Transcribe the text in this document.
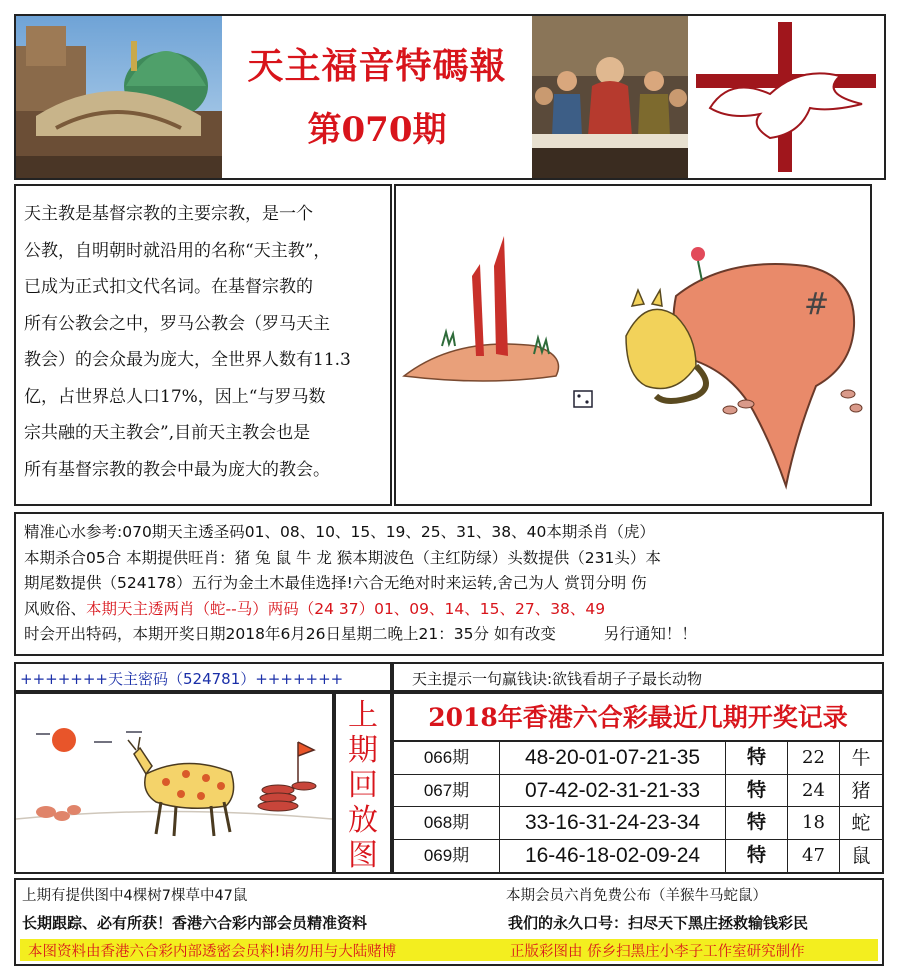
天主福音特碼報
第070期
天主教是基督宗教的主要宗教，是一个
公教，自明朝时就沿用的名称“天主教”，
已成为正式扣文代名词。在基督宗教的
所有公教会之中，罗马公教会（罗马天主
教会）的会众最为庞大，全世界人数有11.3
亿，占世界总人口17%，因上“与罗马数
宗共融的天主教会”,目前天主教会也是
所有基督宗教的教会中最为庞大的教会。
#
精准心水参考:070期天主透圣码01、08、10、15、19、25、31、38、40本期杀肖（虎）
本期杀合05合 本期提供旺肖：猪 兔 鼠 牛 龙 猴本期波色（主红防绿）头数提供（231头）本
期尾数提供（524178）五行为金土木最佳选择!六合无绝对时来运转,舍己为人 赏罚分明 伤
风败俗、本期天主透两肖（蛇--马）两码（24 37）01、09、14、15、27、38、49
时会开出特码，本期开奖日期2018年6月26日星期二晚上21：35分 如有改变	另行通知！！
+++++++天主密码（524781）+++++++	天主提示一句赢钱诀:欲钱看胡子子最长动物
上
期
回
放
图
2018年香港六合彩最近几期开奖记录
066期	48-20-01-07-21-35	特	22	牛
067期	07-42-02-31-21-33	特	24	猪
068期	33-16-31-24-23-34	特	18	蛇
069期	16-46-18-02-09-24	特	47	鼠
上期有提供图中4棵树7棵草中47鼠	本期会员六肖免费公布（羊猴牛马蛇鼠）
长期跟踪、必有所获！香港六合彩内部会员精准资料	我们的永久口号：扫尽天下黑庄拯救输钱彩民
本图资料由香港六合彩内部透密会员料!请勿用与大陆赌博	正版彩图由 侨乡扫黑庄小李子工作室研究制作
